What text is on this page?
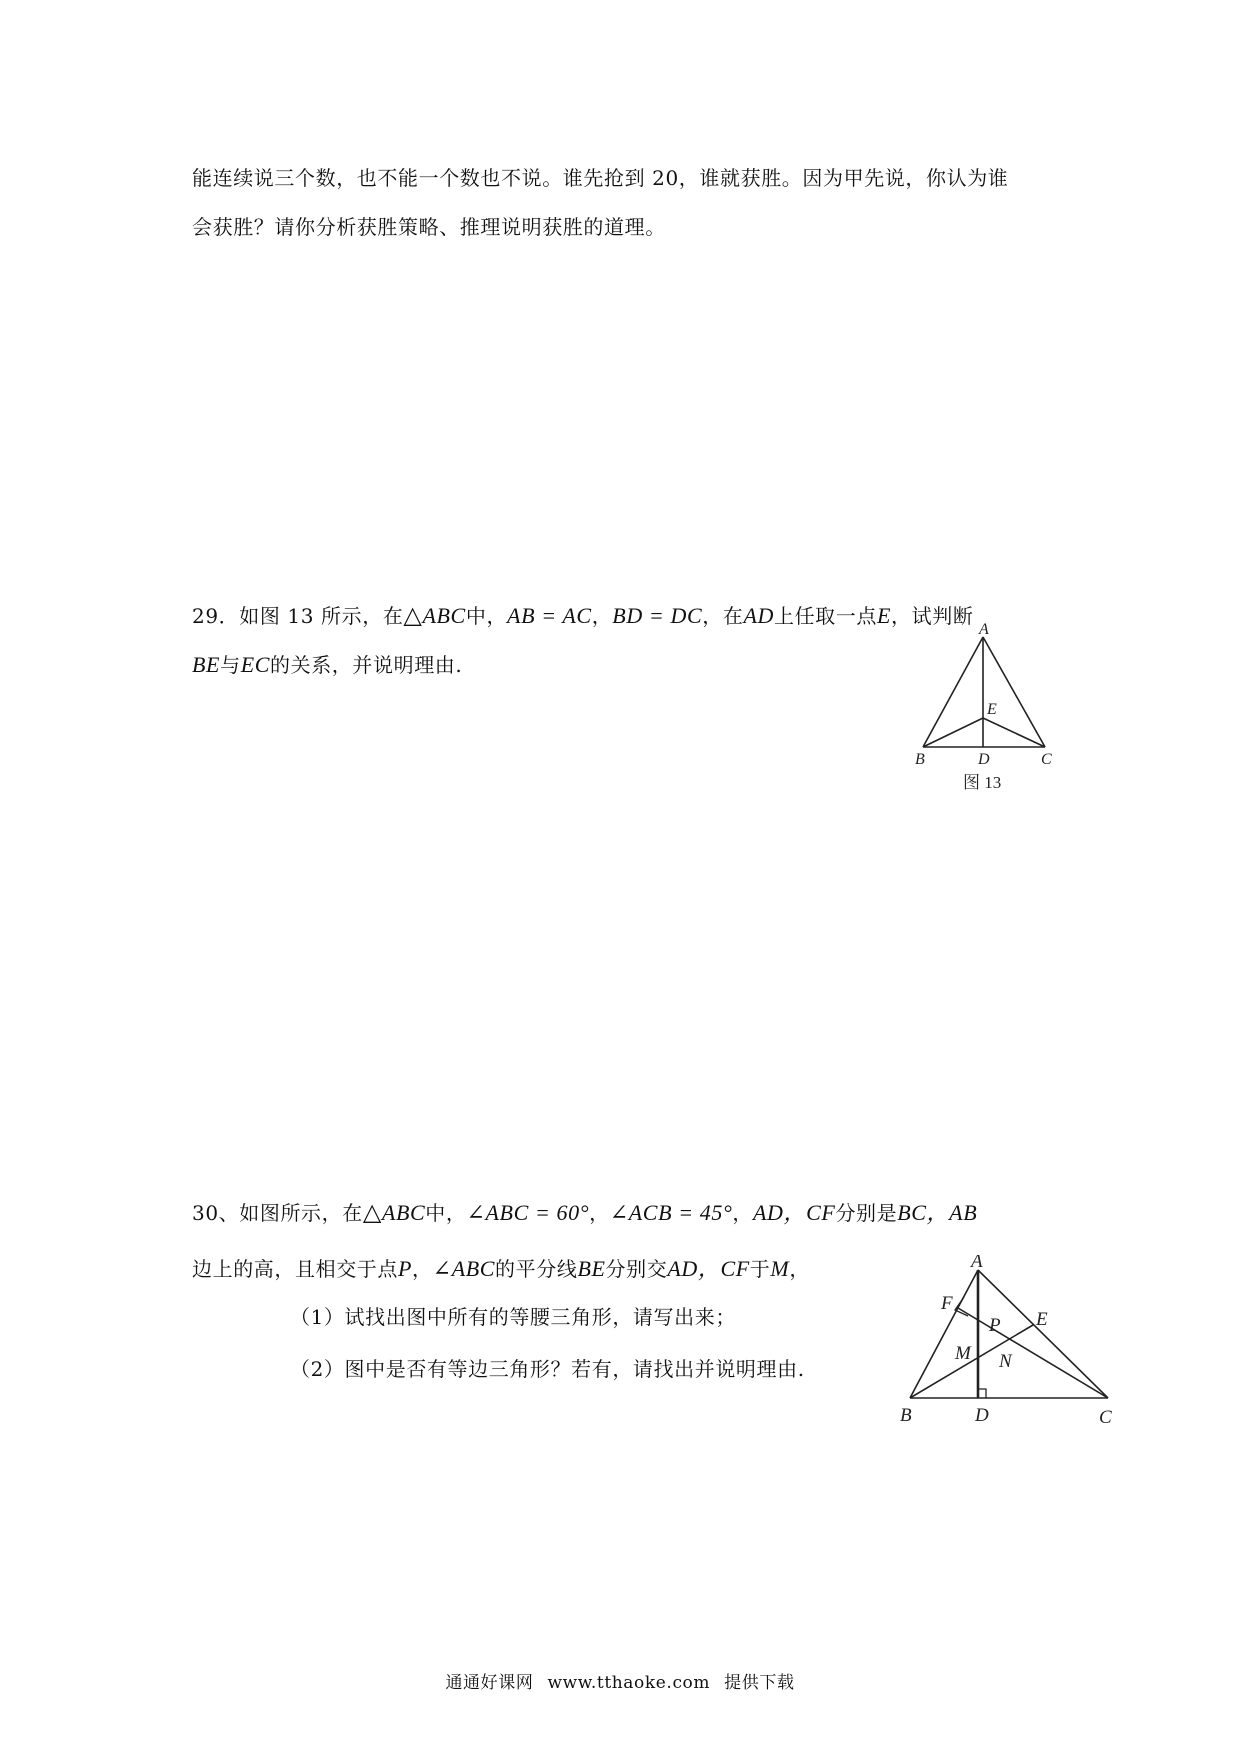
能连续说三个数，也不能一个数也不说。谁先抢到 20，谁就获胜。因为甲先说，你认为谁
会获胜？请你分析获胜策略、推理说明获胜的道理。
29．如图 13 所示，在△ABC中，AB = AC，BD = DC，在AD上任取一点E，试判断
BE与EC的关系，并说明理由.
A
B	C
D
E
图 13
30、如图所示，在△ABC中，∠ABC = 60°，∠ACB = 45°，AD，CF分别是BC，AB
边上的高，且相交于点P，∠ABC的平分线BE分别交AD，CF于M，
（1）试找出图中所有的等腰三角形，请写出来；
（2）图中是否有等边三角形？若有，请找出并说明理由.
A
B	C
D
E
F
M N
P
通通好课网 www.tthaoke.com 提供下载
